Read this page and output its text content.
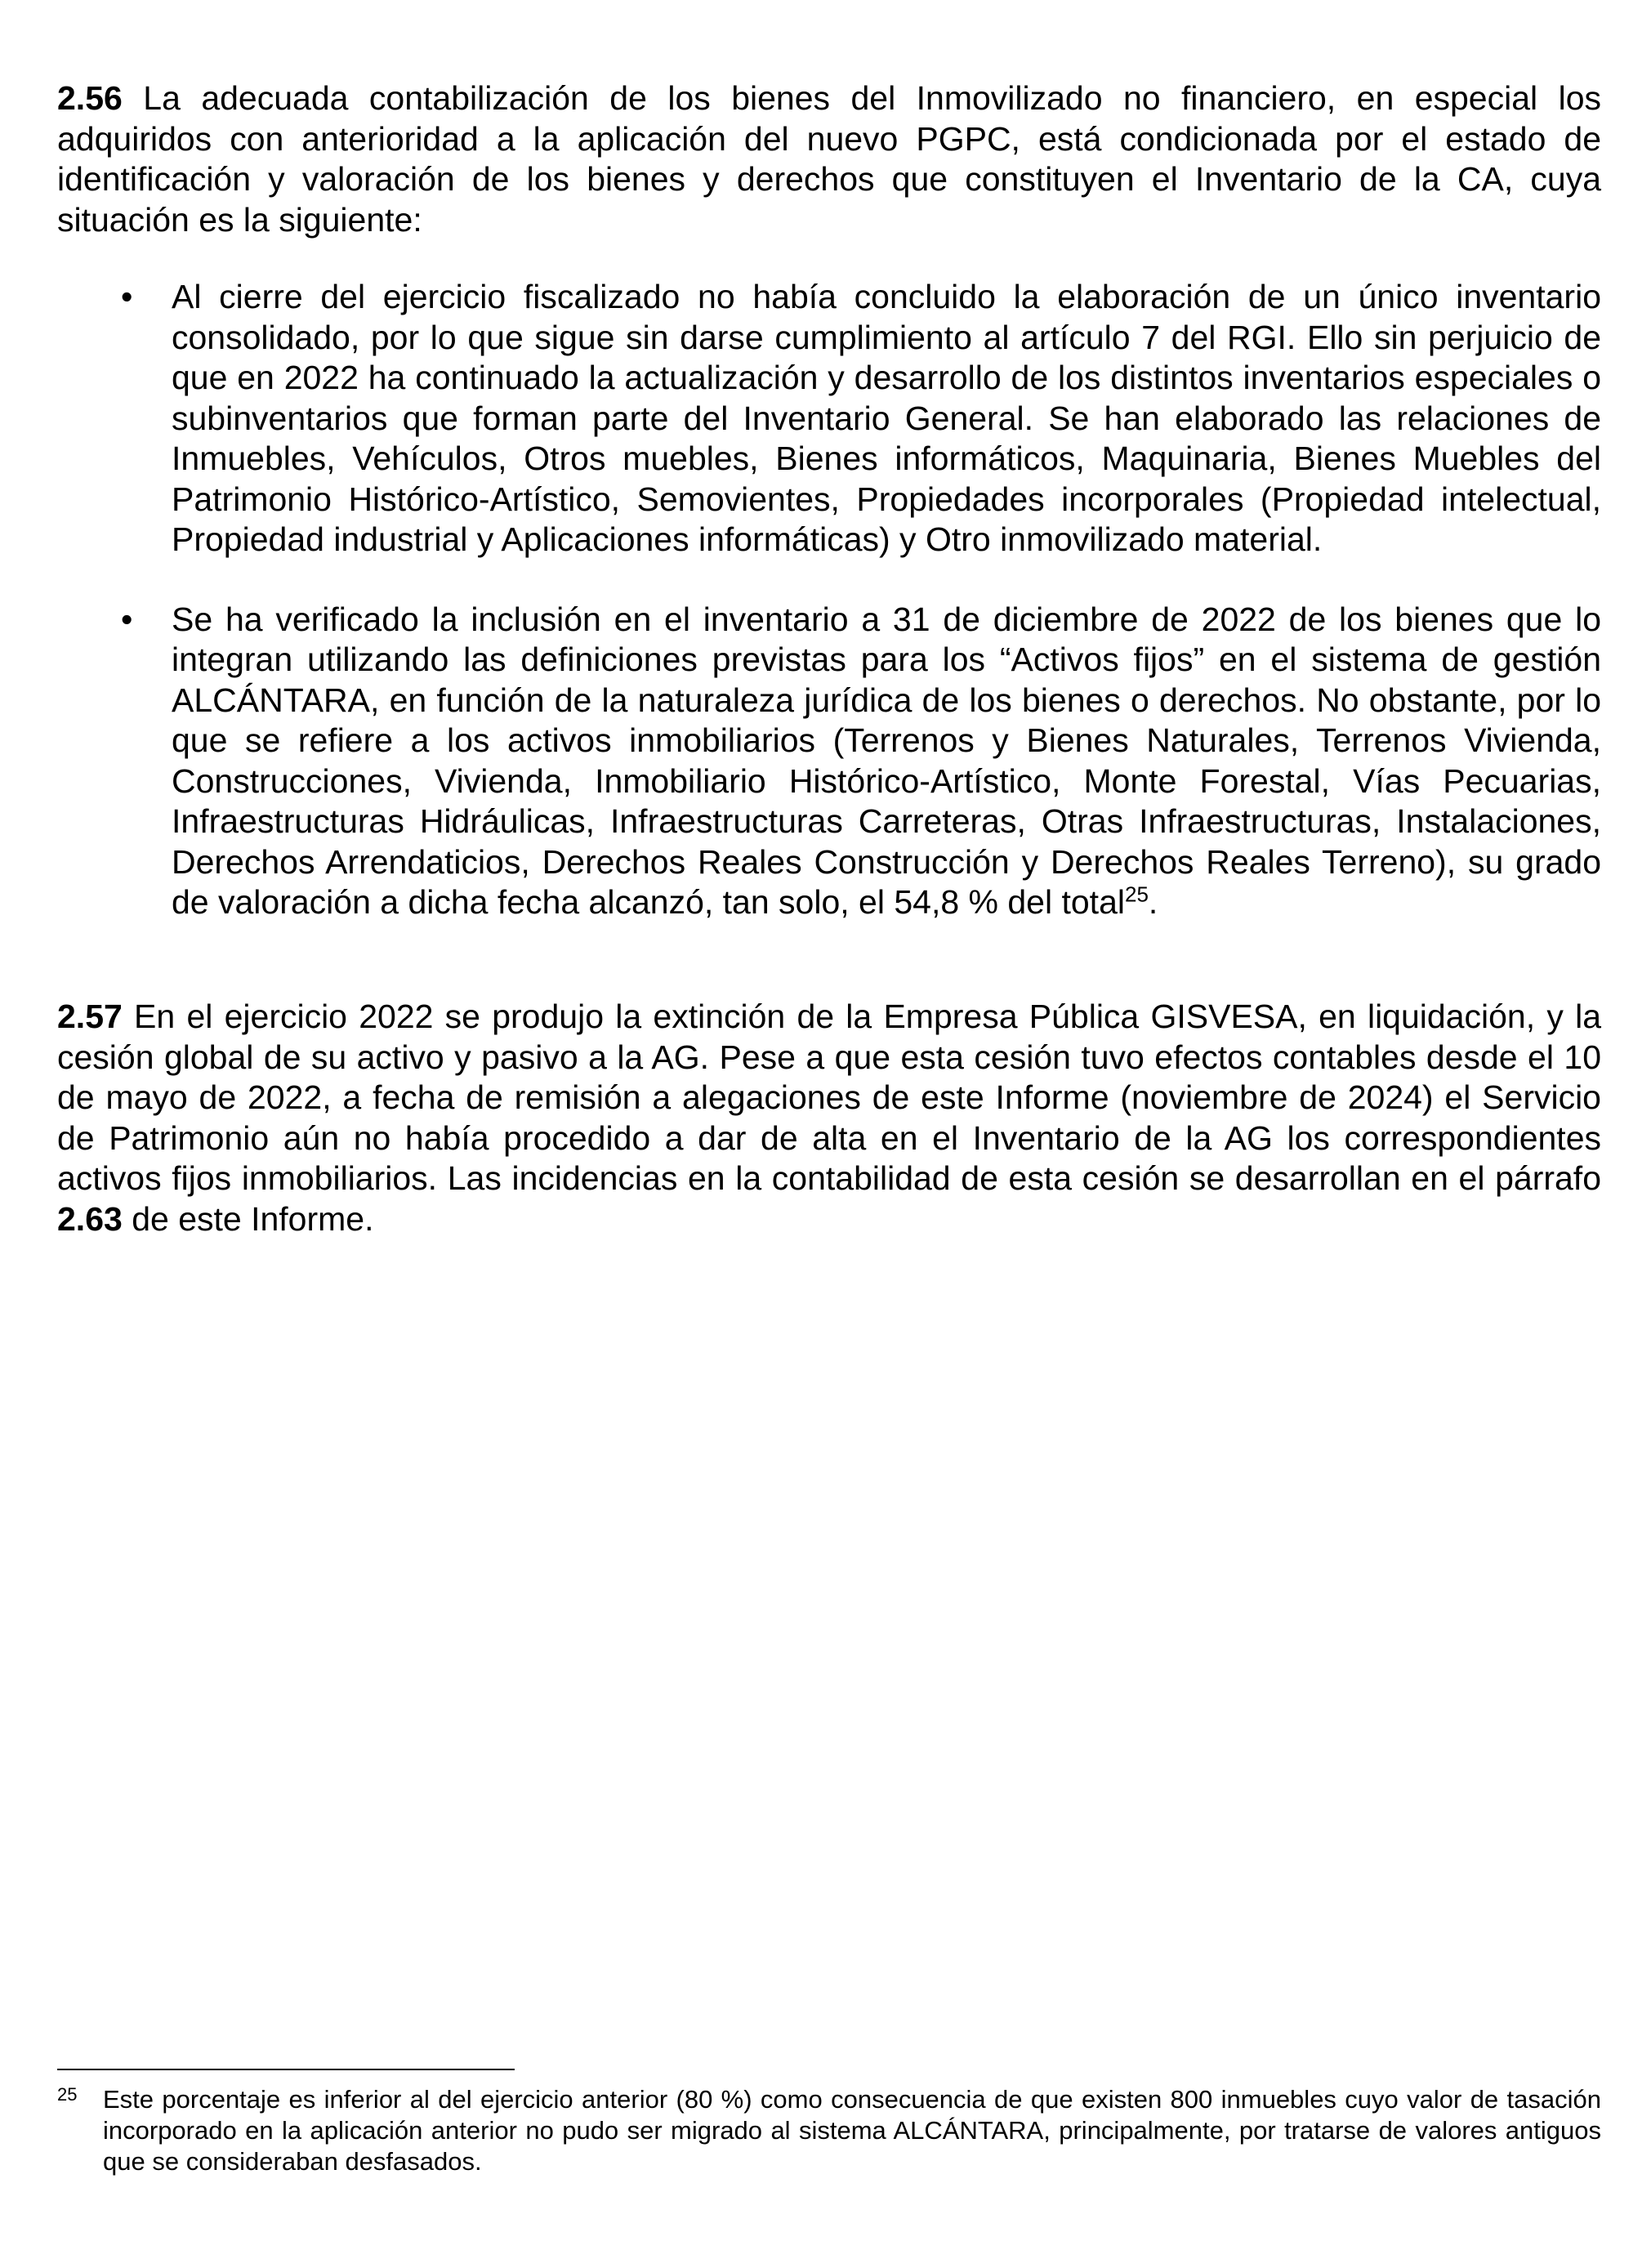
2.56 La adecuada contabilización de los bienes del Inmovilizado no financiero, en especial los adquiridos con anterioridad a la aplicación del nuevo PGPC, está condicionada por el estado de identificación y valoración de los bienes y derechos que constituyen el Inventario de la CA, cuya situación es la siguiente:

•	Al cierre del ejercicio fiscalizado no había concluido la elaboración de un único inventario consolidado, por lo que sigue sin darse cumplimiento al artículo 7 del RGI. Ello sin perjuicio de que en 2022 ha continuado la actualización y desarrollo de los distintos inventarios especiales o subinventarios que forman parte del Inventario General. Se han elaborado las relaciones de Inmuebles, Vehículos, Otros muebles, Bienes informáticos, Maquinaria, Bienes Muebles del Patrimonio Histórico-Artístico, Semovientes, Propiedades incorporales (Propiedad intelectual, Propiedad industrial y Aplicaciones informáticas) y Otro inmovilizado material.
•	Se ha verificado la inclusión en el inventario a 31 de diciembre de 2022 de los bienes que lo integran utilizando las definiciones previstas para los “Activos fijos” en el sistema de gestión ALCÁNTARA, en función de la naturaleza jurídica de los bienes o derechos. No obstante, por lo que se refiere a los activos inmobiliarios (Terrenos y Bienes Naturales, Terrenos Vivienda, Construcciones, Vivienda, Inmobiliario Histórico-Artístico, Monte Forestal, Vías Pecuarias, Infraestructuras Hidráulicas, Infraestructuras Carreteras, Otras Infraestructuras, Instalaciones, Derechos Arrendaticios, Derechos Reales Construcción y Derechos Reales Terreno), su grado de valoración a dicha fecha alcanzó, tan solo, el 54,8 % del total$^{25}$.

2.57 En el ejercicio 2022 se produjo la extinción de la Empresa Pública GISVESA, en liquidación, y la cesión global de su activo y pasivo a la AG. Pese a que esta cesión tuvo efectos contables desde el 10 de mayo de 2022, a fecha de remisión a alegaciones de este Informe (noviembre de 2024) el Servicio de Patrimonio aún no había procedido a dar de alta en el Inventario de la AG los correspondientes activos fijos inmobiliarios. Las incidencias en la contabilidad de esta cesión se desarrollan en el párrafo 2.63 de este Informe.

25	Este porcentaje es inferior al del ejercicio anterior (80 %) como consecuencia de que existen 800 inmuebles cuyo valor de tasación incorporado en la aplicación anterior no pudo ser migrado al sistema ALCÁNTARA, principalmente, por tratarse de valores antiguos que se consideraban desfasados.
